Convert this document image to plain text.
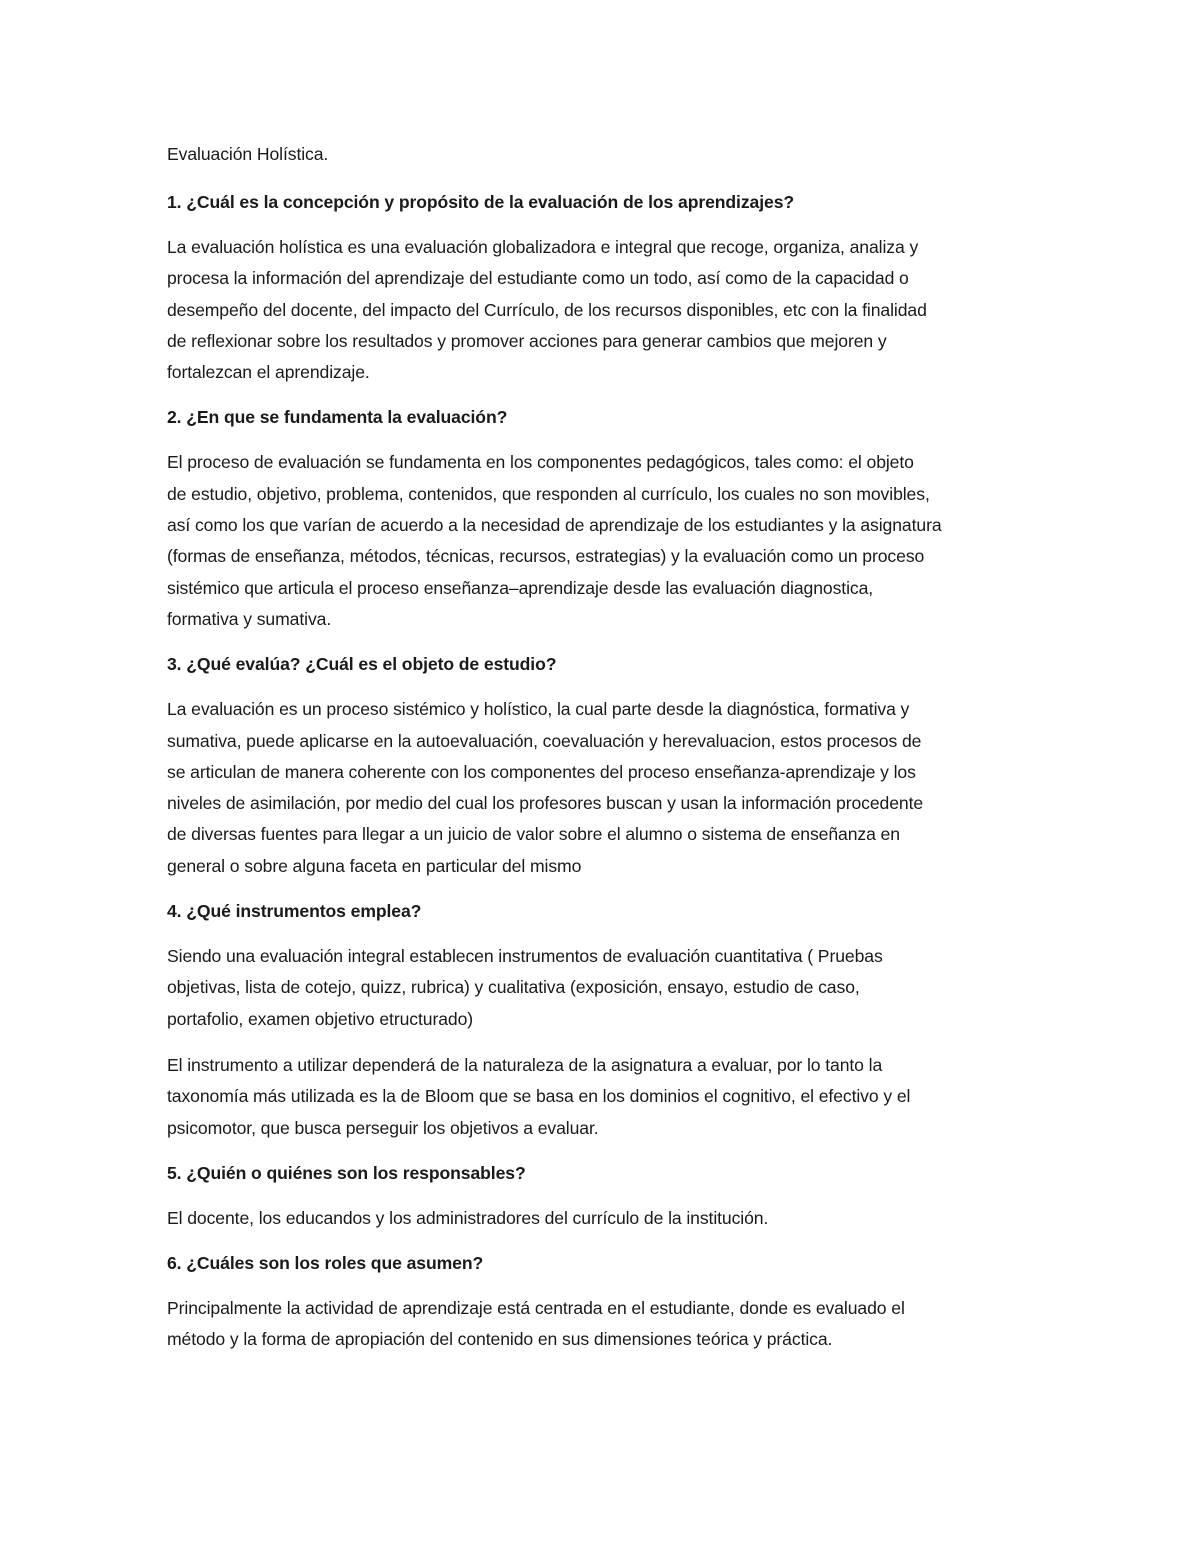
Evaluación Holística.
1. ¿Cuál es la concepción y propósito de la evaluación de los aprendizajes?
La evaluación holística es una evaluación globalizadora e integral que recoge, organiza, analiza y
procesa la información del aprendizaje del estudiante como un todo, así como de la capacidad o
desempeño del docente, del impacto del Currículo, de los recursos disponibles, etc con la finalidad
de reflexionar sobre los resultados y promover acciones para generar cambios que mejoren y
fortalezcan el aprendizaje.
2. ¿En que se fundamenta la evaluación?
El proceso de evaluación se fundamenta en los componentes pedagógicos, tales como: el objeto
de estudio, objetivo, problema, contenidos, que responden al currículo, los cuales no son movibles,
así como los que varían de acuerdo a la necesidad de aprendizaje de los estudiantes y la asignatura
(formas de enseñanza, métodos, técnicas, recursos, estrategias) y la evaluación como un proceso
sistémico que articula el proceso enseñanza–aprendizaje desde las evaluación diagnostica,
formativa y sumativa.
3. ¿Qué evalúa? ¿Cuál es el objeto de estudio?
La evaluación es un proceso sistémico y holístico, la cual parte desde la diagnóstica, formativa y
sumativa, puede aplicarse en la autoevaluación, coevaluación y herevaluacion, estos procesos de
se articulan de manera coherente con los componentes del proceso enseñanza-aprendizaje y los
niveles de asimilación, por medio del cual los profesores buscan y usan la información procedente
de diversas fuentes para llegar a un juicio de valor sobre el alumno o sistema de enseñanza en
general o sobre alguna faceta en particular del mismo
4. ¿Qué instrumentos emplea?
Siendo una evaluación integral establecen instrumentos de evaluación cuantitativa ( Pruebas
objetivas, lista de cotejo, quizz, rubrica) y cualitativa (exposición, ensayo, estudio de caso,
portafolio, examen objetivo etructurado)
El instrumento a utilizar dependerá de la naturaleza de la asignatura a evaluar, por lo tanto la
taxonomía más utilizada es la de Bloom que se basa en los dominios el cognitivo, el efectivo y el
psicomotor, que busca perseguir los objetivos a evaluar.
5. ¿Quién o quiénes son los responsables?
El docente, los educandos y los administradores del currículo de la institución.
6. ¿Cuáles son los roles que asumen?
Principalmente la actividad de aprendizaje está centrada en el estudiante, donde es evaluado el
método y la forma de apropiación del contenido en sus dimensiones teórica y práctica.
